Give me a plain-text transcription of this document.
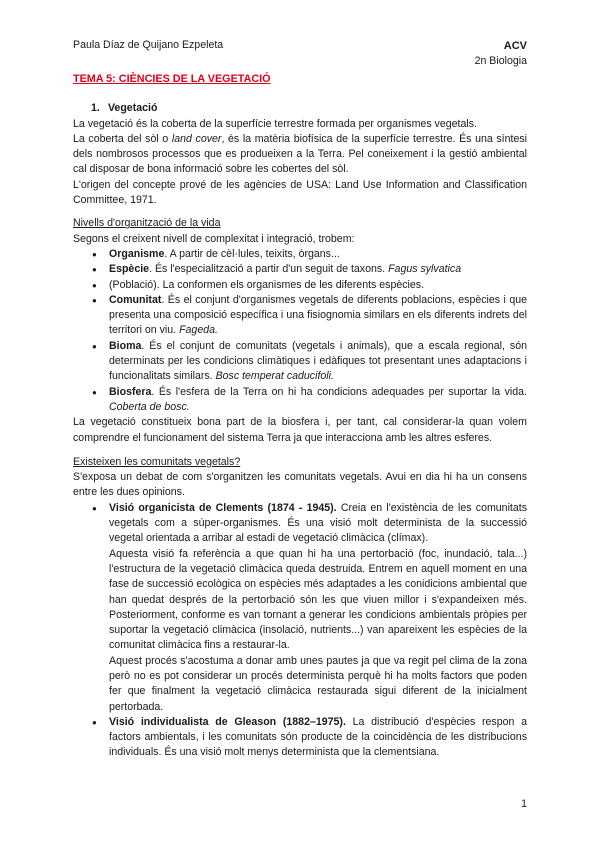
Paula Díaz de Quijano Ezpeleta	ACV
2n Biologia
TEMA 5: CIÈNCIES DE LA VEGETACIÓ
1. Vegetació

La vegetació és la coberta de la superfície terrestre formada per organismes vegetals.

La coberta del sòl o land cover, és la matèria biofísica de la superfície terrestre. És una síntesi dels nombrosos processos que es produeixen a la Terra. Pel coneixement i la gestió ambiental cal disposar de bona informació sobre les cobertes del sòl.

L'origen del concepte prové de les agències de USA: Land Use Information and Classification Committee, 1971.

Nivells d'organització de la vida

Segons el creixent nivell de complexitat i integració, trobem:

● Organisme. A partir de cèl·lules, teixits, òrgans...
● Espècie. És l'especialització a partir d'un seguit de taxons. Fagus sylvatica
● (Població). La conformen els organismes de les diferents espècies.
● Comunitat. És el conjunt d'organismes vegetals de diferents poblacions, espècies i que presenta una composició específica i una fisiognomia similars en els diferents indrets del territori on viu. Fageda.
● Bioma. És el conjunt de comunitats (vegetals i animals), que a escala regional, són determinats per les condicions climàtiques i edàfiques tot presentant unes adaptacions i funcionalitats similars. Bosc temperat caducifoli.
● Biosfera. És l'esfera de la Terra on hi ha condicions adequades per suportar la vida. Coberta de bosc.

La vegetació constitueix bona part de la biosfera i, per tant, cal considerar-la quan volem comprendre el funcionament del sistema Terra ja que interacciona amb les altres esferes.

Existeixen les comunitats vegetals?

S'exposa un debat de com s'organitzen les comunitats vegetals. Avui en dia hi ha un consens entre les dues opinions.

● Visió organicista de Clements (1874 - 1945). Creia en l'existència de les comunitats vegetals com a súper-organismes. És una visió molt determinista de la successió vegetal orientada a arribar al estadi de vegetació climàcica (clímax).

Aquesta visió fa referència a que quan hi ha una pertorbació (foc, inundació, tala...) l'estructura de la vegetació climàcica queda destruida. Entrem en aquell moment en una fase de successió ecològica on espècies més adaptades a les conidicions ambiental que han quedat després de la pertorbació són les que viuen millor i s'expandeixen més. Posteriorment, conforme es van tornant a generar les condicions ambientals pròpies per suportar la vegetació climàcica (insolació, nutrients...) van apareixent les espècies de la comunitat climàcica fins a restaurar-la.

Aquest procés s'acostuma a donar amb unes pautes ja que va regit pel clima de la zona però no es pot considerar un procés determinista perquè hi ha molts factors que poden fer que finalment la vegetació climàcica restaurada sigui diferent de la inicialment pertorbada.

● Visió individualista de Gleason (1882–1975). La distribució d'espècies respon a factors ambientals, i les comunitats són producte de la coincidència de les distribucions individuals. És una visió molt menys determinista que la clementsiana.
1
